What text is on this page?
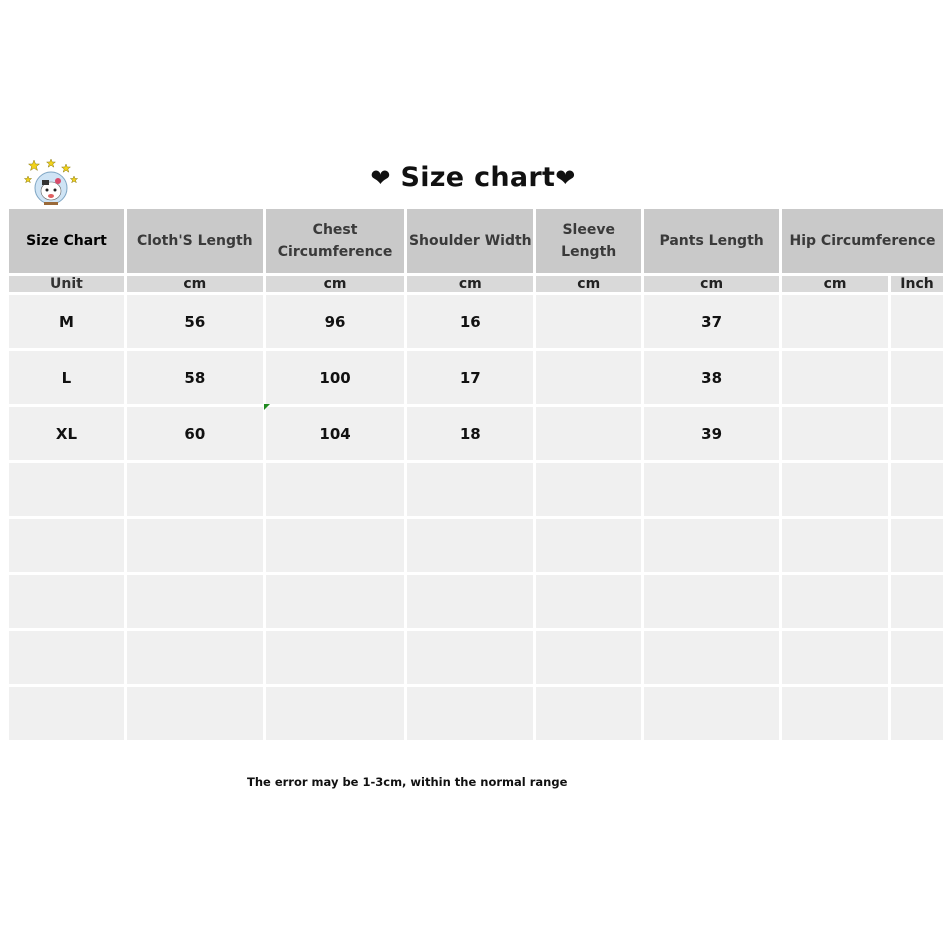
❤ Size chart❤
Size Chart	Cloth'S Length	Chest Circumference	Shoulder Width	Sleeve Length	Pants Length	Hip Circumference	
Unit	cm	cm	cm	cm	cm	cm	Inch
M	56	96	16		37		
L	58	100	17		38		
XL	60	104	18		39		

The error may be 1-3cm, within the normal range
